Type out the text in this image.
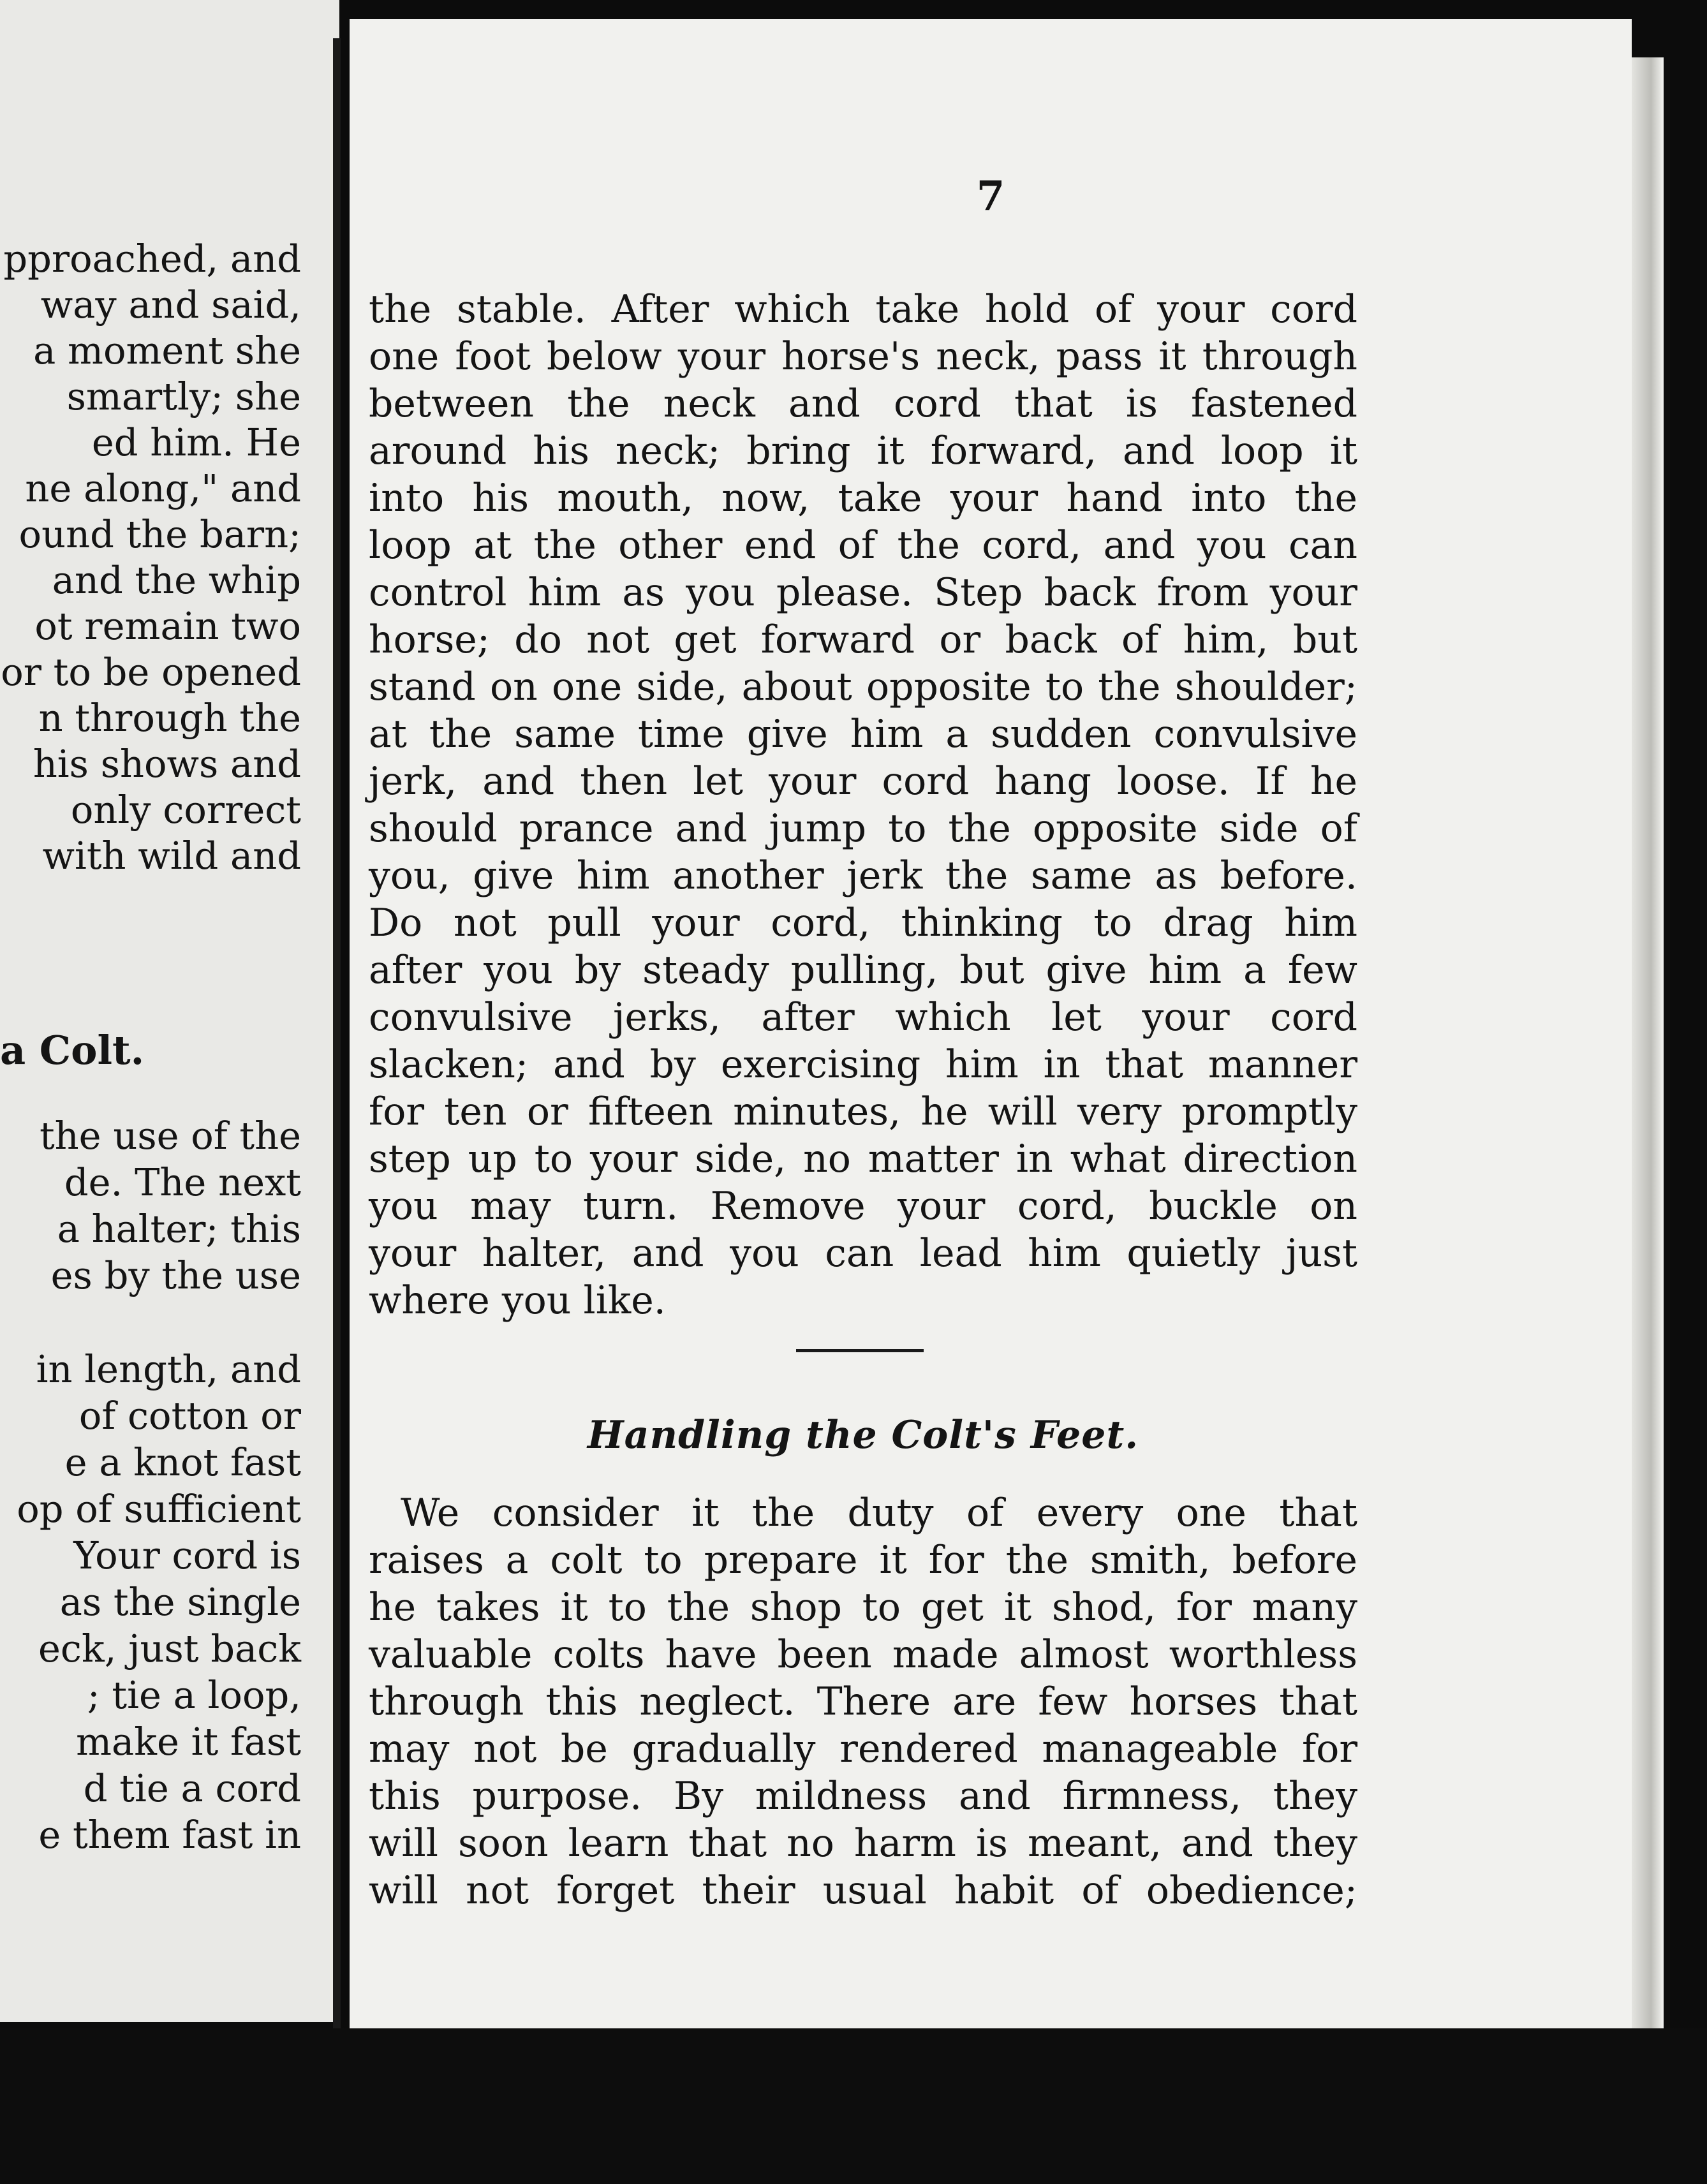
pproached, and
way and said,
a moment she
smartly; she
ed him. He
ne along," and
ound the barn;
and the whip
ot remain two
or to be opened
n through the
his shows and
only correct
with wild and
a Colt.
the use of the
de. The next
a halter; this
es by the use
in length, and
of cotton or
e a knot fast
op of sufficient
Your cord is
as the single
eck, just back
; tie a loop,
make it fast
d tie a cord
e them fast in
7
the stable. After which take hold of your cord
one foot below your horse's neck, pass it through
between the neck and cord that is fastened
around his neck; bring it forward, and loop it
into his mouth, now, take your hand into the
loop at the other end of the cord, and you can
control him as you please. Step back from your
horse; do not get forward or back of him, but
stand on one side, about opposite to the shoulder;
at the same time give him a sudden convulsive
jerk, and then let your cord hang loose. If he
should prance and jump to the opposite side of
you, give him another jerk the same as before.
Do not pull your cord, thinking to drag him
after you by steady pulling, but give him a few
convulsive jerks, after which let your cord
slacken; and by exercising him in that manner
for ten or fifteen minutes, he will very promptly
step up to your side, no matter in what direction
you may turn. Remove your cord, buckle on
your halter, and you can lead him quietly just
where you like.
Handling the Colt's Feet.
We consider it the duty of every one that
raises a colt to prepare it for the smith, before
he takes it to the shop to get it shod, for many
valuable colts have been made almost worthless
through this neglect. There are few horses that
may not be gradually rendered manageable for
this purpose. By mildness and firmness, they
will soon learn that no harm is meant, and they
will not forget their usual habit of obedience;
